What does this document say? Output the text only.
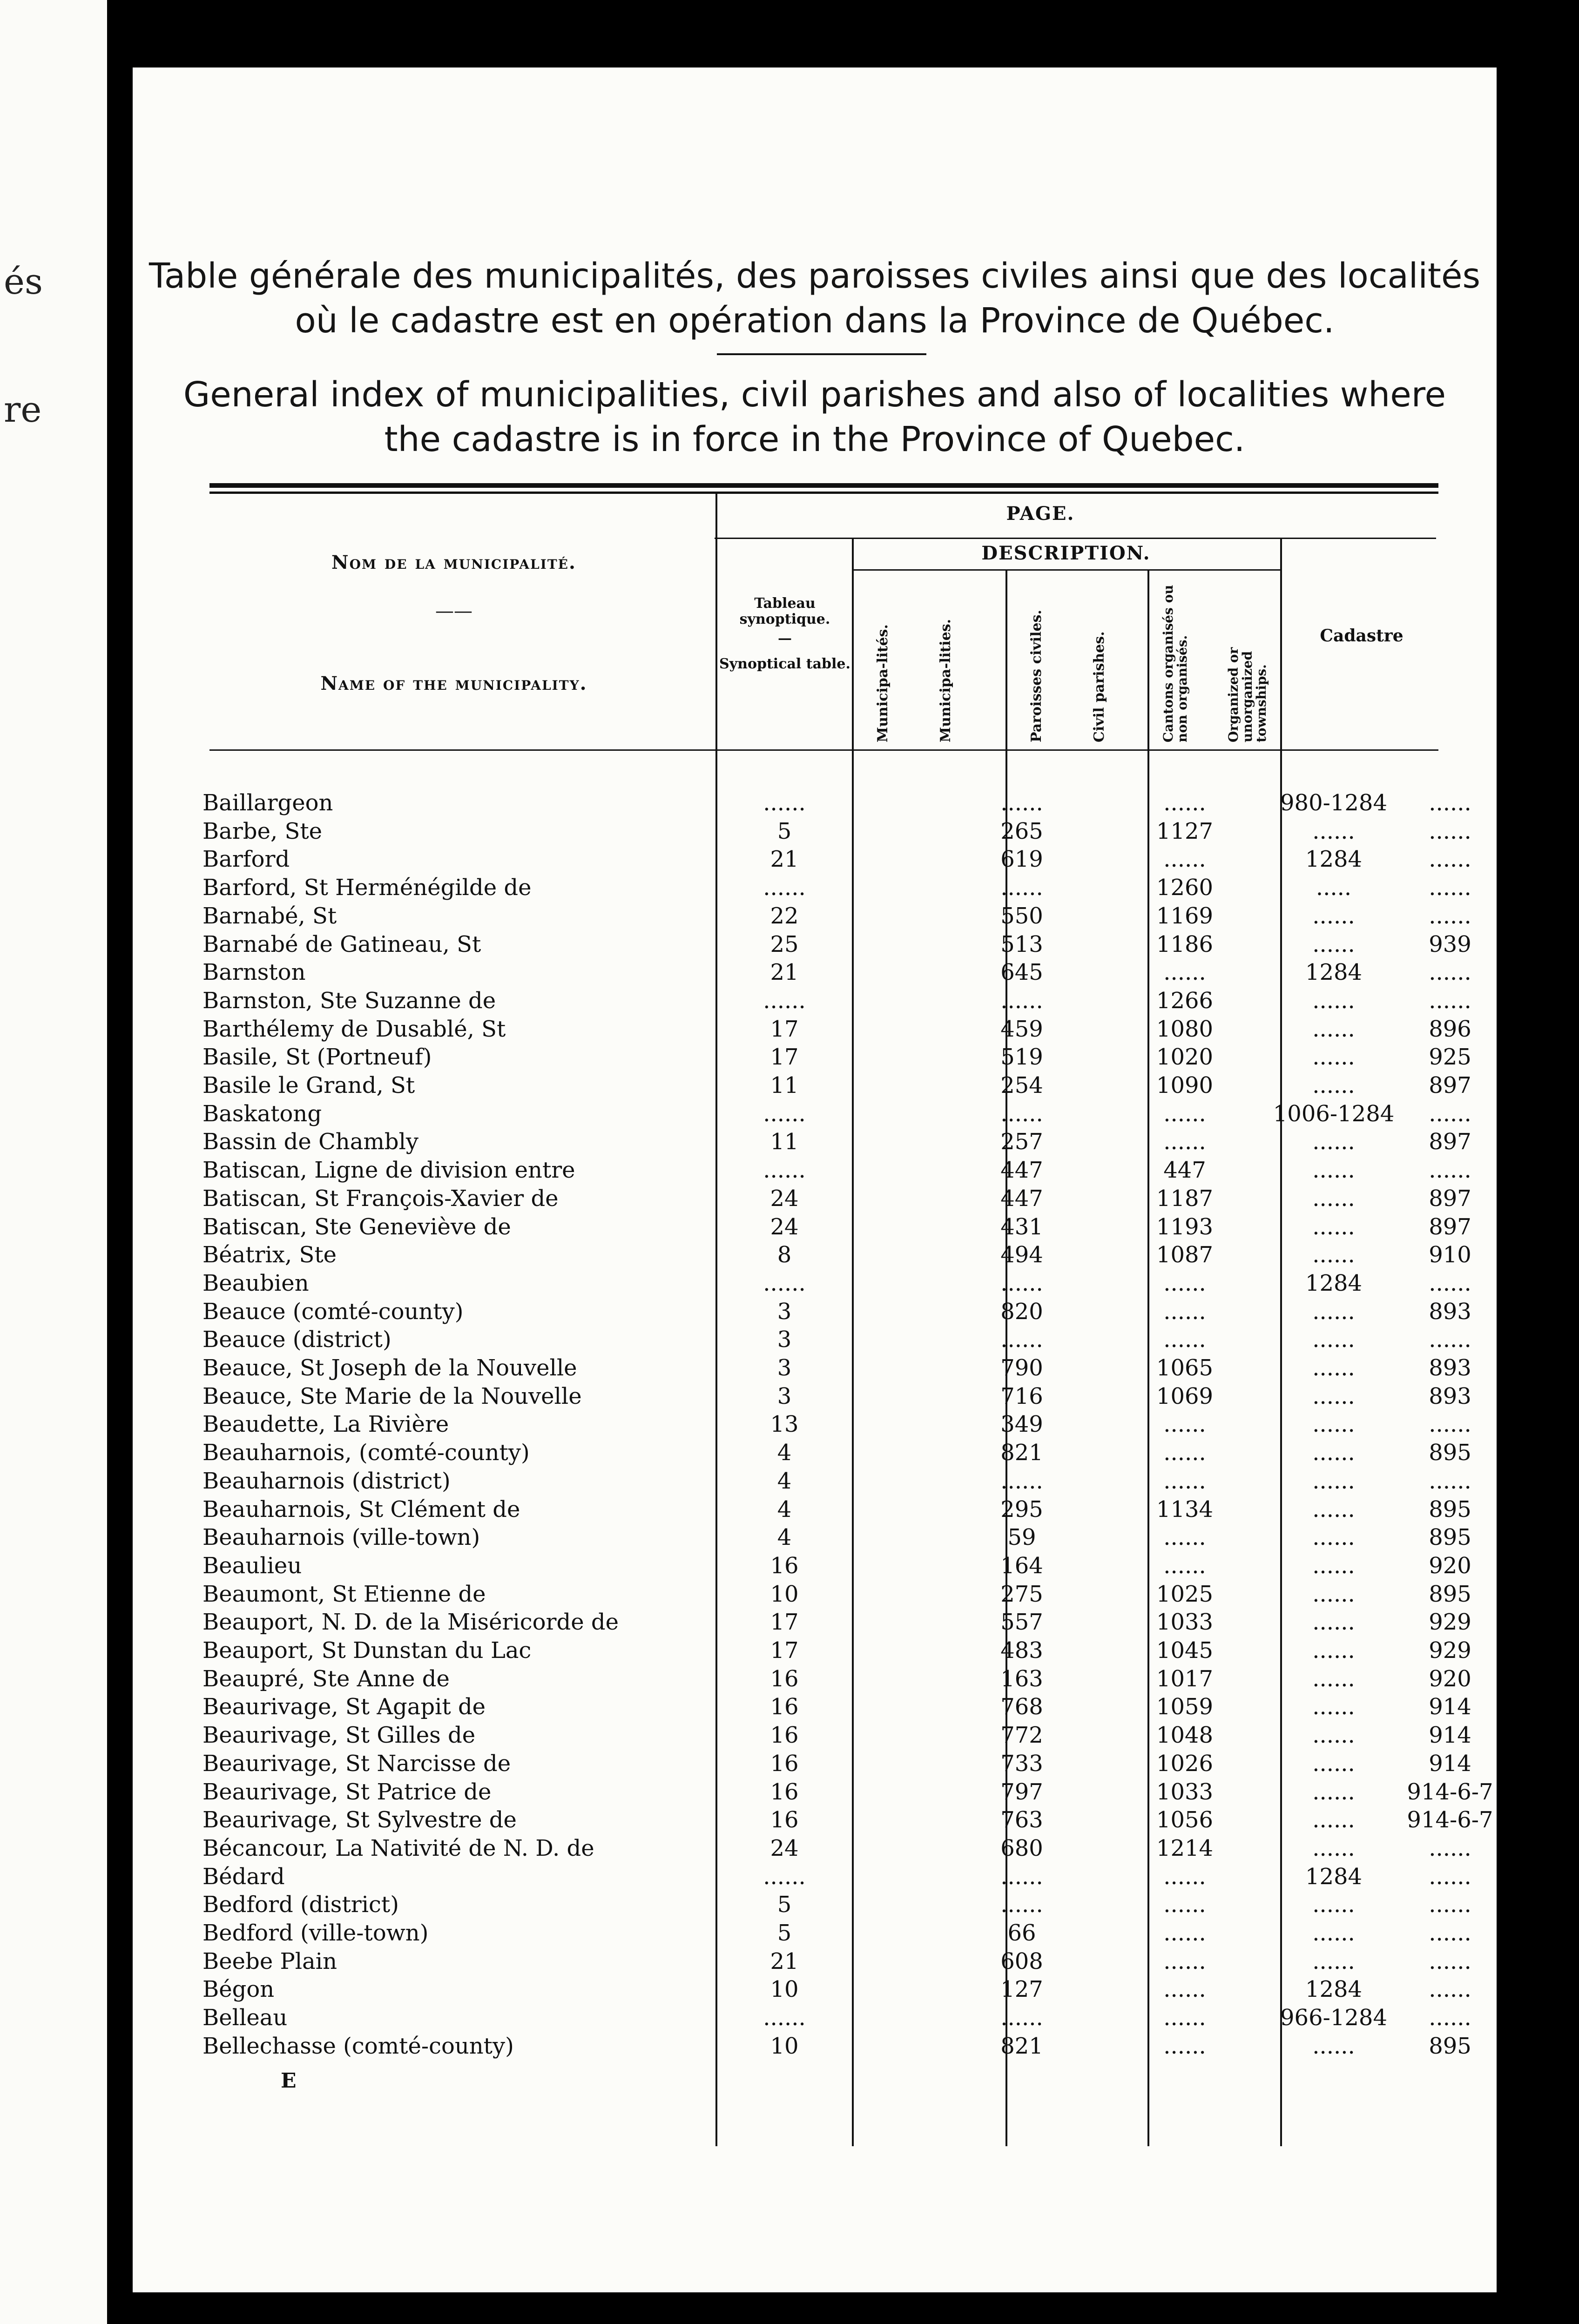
és
re
Table générale des municipalités, des paroisses civiles ainsi que des localités
où le cadastre est en opération dans la Province de Québec.
General index of municipalities, civil parishes and also of localities where
the cadastre is in force in the Province of Quebec.
Nom de la municipalité.
——
Name of the municipality.
PAGE.
DESCRIPTION.
Tableau synoptique.
—
Synoptical table. Municipa-lités.	Municipa-lities.	Paroisses civiles.	Civil parishes.	Cantons organisés ou non organisés.	Organized or unorganized townships.
Cadastre
Baillargeon	......	......	......	980-1284	......
Barbe, Ste	5	265	1127	......	......
Barford	21	619	......	1284	......
Barford, St Herménégilde de	......	......	1260	.....	......
Barnabé, St	22	550	1169	......	......
Barnabé de Gatineau, St	25	513	1186	......	939
Barnston	21	645	......	1284	......
Barnston, Ste Suzanne de	......	......	1266	......	......
Barthélemy de Dusablé, St	17	459	1080	......	896
Basile, St (Portneuf)	17	519	1020	......	925
Basile le Grand, St	11	254	1090	......	897
Baskatong	......	......	......	1006-1284	......
Bassin de Chambly	11	257	......	......	897
Batiscan, Ligne de division entre	......	447	447	......	......
Batiscan, St François-Xavier de	24	447	1187	......	897
Batiscan, Ste Geneviève de	24	431	1193	......	897
Béatrix, Ste	8	494	1087	......	910
Beaubien	......	......	......	1284	......
Beauce (comté-county)	3	820	......	......	893
Beauce (district)	3	......	......	......	......
Beauce, St Joseph de la Nouvelle	3	790	1065	......	893
Beauce, Ste Marie de la Nouvelle	3	716	1069	......	893
Beaudette, La Rivière	13	349	......	......	......
Beauharnois, (comté-county)	4	821	......	......	895
Beauharnois (district)	4	......	......	......	......
Beauharnois, St Clément de	4	295	1134	......	895
Beauharnois (ville-town)	4	59	......	......	895
Beaulieu	16	164	......	......	920
Beaumont, St Etienne de	10	275	1025	......	895
Beauport, N. D. de la Miséricorde de	17	557	1033	......	929
Beauport, St Dunstan du Lac	17	483	1045	......	929
Beaupré, Ste Anne de	16	163	1017	......	920
Beaurivage, St Agapit de	16	768	1059	......	914
Beaurivage, St Gilles de	16	772	1048	......	914
Beaurivage, St Narcisse de	16	733	1026	......	914
Beaurivage, St Patrice de	16	797	1033	......	914-6-7
Beaurivage, St Sylvestre de	16	763	1056	......	914-6-7
Bécancour, La Nativité de N. D. de	24	680	1214	......	......
Bédard	......	......	......	1284	......
Bedford (district)	5	......	......	......	......
Bedford (ville-town)	5	66	......	......	......
Beebe Plain	21	608	......	......	......
Bégon	10	127	......	1284	......
Belleau	......	......	......	966-1284	......
Bellechasse (comté-county)	10	821	......	......	895
E
